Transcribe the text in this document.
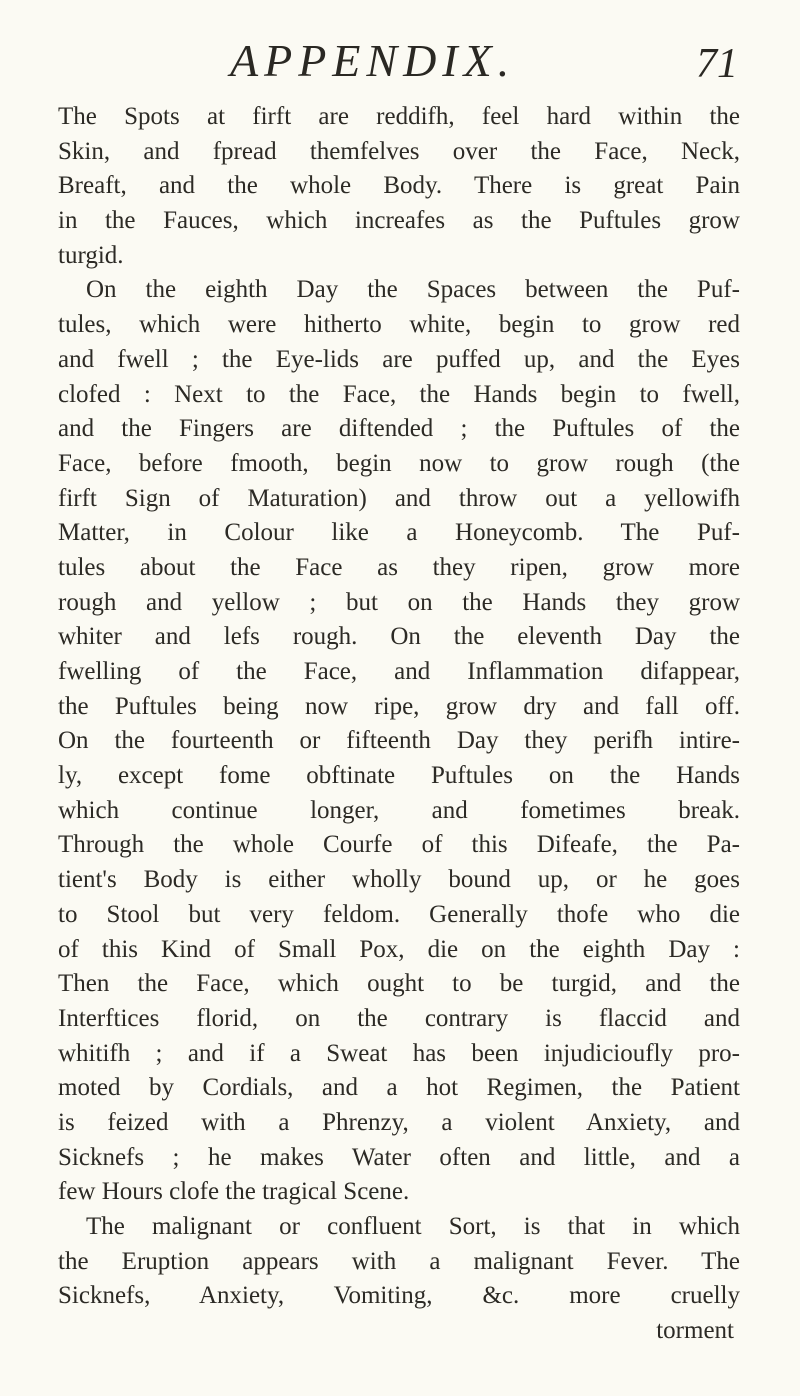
APPENDIX.	71
The Spots at firft are reddifh, feel hard within the
Skin, and fpread themfelves over the Face, Neck,
Breaft, and the whole Body. There is great Pain
in the Fauces, which increafes as the Puftules grow
turgid.
On the eighth Day the Spaces between the Puf-
tules, which were hitherto white, begin to grow red
and fwell ; the Eye-lids are puffed up, and the Eyes
clofed : Next to the Face, the Hands begin to fwell,
and the Fingers are diftended ; the Puftules of the
Face, before fmooth, begin now to grow rough (the
firft Sign of Maturation) and throw out a yellowifh
Matter, in Colour like a Honeycomb. The Puf-
tules about the Face as they ripen, grow more
rough and yellow ; but on the Hands they grow
whiter and lefs rough. On the eleventh Day the
fwelling of the Face, and Inflammation difappear,
the Puftules being now ripe, grow dry and fall off.
On the fourteenth or fifteenth Day they perifh intire-
ly, except fome obftinate Puftules on the Hands
which continue longer, and fometimes break.
Through the whole Courfe of this Difeafe, the Pa-
tient's Body is either wholly bound up, or he goes
to Stool but very feldom. Generally thofe who die
of this Kind of Small Pox, die on the eighth Day :
Then the Face, which ought to be turgid, and the
Interftices florid, on the contrary is flaccid and
whitifh ; and if a Sweat has been injudicioufly pro-
moted by Cordials, and a hot Regimen, the Patient
is feized with a Phrenzy, a violent Anxiety, and
Sicknefs ; he makes Water often and little, and a
few Hours clofe the tragical Scene.
The malignant or confluent Sort, is that in which
the Eruption appears with a malignant Fever. The
Sicknefs, Anxiety, Vomiting, &c. more cruelly
torment
